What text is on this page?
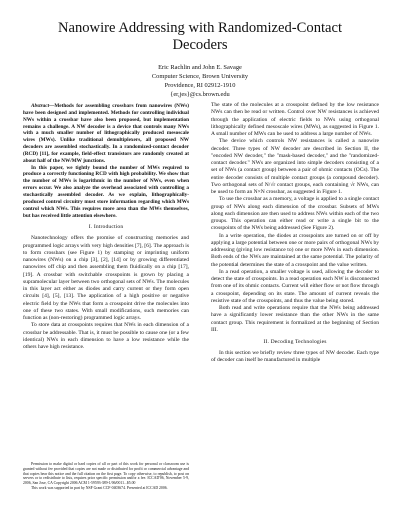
Nanowire Addressing with Randomized-Contact Decoders
Eric Rachlin and John E. Savage
Computer Science, Brown University
Providence, RI 02912-1910
{er,jes}@cs.brown.edu

Abstract—Methods for assembling crossbars from nanowires (NWs) have been designed and implemented. Methods for controlling individual NWs within a crossbar have also been proposed, but implementation remains a challenge. A NW decoder is a device that controls many NWs with a much smaller number of lithographically produced mesoscale wires (MWs). Unlike traditional demultiplexers, all proposed NW decoders are assembled stochastically. In a randomized-contact decoder (RCD) [11], for example, field-effect transistors are randomly created at about half of the NW/MW junctions.

In this paper, we tightly bound the number of MWs required to produce a correctly functioning RCD with high probability. We show that the number of MWs is logarithmic in the number of NWs, even when errors occur. We also analyze the overhead associated with controlling a stochastically assembled decoder. As we explain, lithographically-produced control circuitry must store information regarding which MWs control which NWs. This requires more area than the MWs themselves, but has received little attention elsewhere.

I. Introduction

Nanotechnology offers the promise of constructing memories and programmed logic arrays with very high densities [7], [6]. The approach is to form crossbars (see Figure 1) by stamping or imprinting uniform nanowires (NWs) on a chip [3], [2], [14] or by growing differentiated nanowires off chip and then assembling them fluidically on a chip [17], [19]. A crossbar with switchable crosspoints is grown by placing a supramolecular layer between two orthogonal sets of NWs. The molecules in this layer act either as diodes and carry current or they form open circuits [4], [5], [13]. The application of a high positive or negative electric field by the NWs that form a crosspoint drive the molecules into one of these two states. With small modifications, such memories can function as (non-restoring) programmed logic arrays.

To store data at crosspoints requires that NWs in each dimension of a crossbar be addressable. That is, it must be possible to cause one (or a few identical) NWs in each dimension to have a low resistance while the others have high resistance.

Permission to make digital or hard copies of all or part of this work for personal or classroom use is granted without fee provided that copies are not made or distributed for profit or commercial advantage and that copies bear this notice and the full citation on the first page. To copy otherwise, to republish, to post on servers or to redistribute to lists, requires prior specific permission and/or a fee. ICCAD'06, November 5-9, 2006, San Jose, CA Copyright 2006 ACM 1-59593-389-1/06/0011...$5.00

This work was supported in part by NSF Grant CCF-0403674. Presented at ICCAD 2006.

The state of the molecules at a crosspoint defined by the low resistance NWs can then be read or written. Control over NW resistances is achieved through the application of electric fields to NWs using orthogonal lithographically defined mesoscale wires (MWs), as suggested in Figure 1. A small number of MWs can be used to address a large number of NWs.

The device which controls NW resistances is called a nanowire decoder. Three types of NW decoder are described in Section II, the "encoded NW decoder," the "mask-based decoder," and the "randomized-contact decoder." NWs are organized into simple decoders consisting of a set of NWs (a contact group) between a pair of ohmic contacts (OCs). The entire decoder consists of multiple contact groups (a compound decoder). Two orthogonal sets of N/√r contact groups, each containing √r NWs, can be used to form an N×N crossbar, as suggested in Figure 1.

To use the crossbar as a memory, a voltage is applied to a single contact group of NWs along each dimension of the crossbar. Subsets of MWs along each dimension are then used to address NWs within each of the two groups. This operation can either read or write a single bit to the crosspoints of the NWs being addressed (See Figure 2).

In a write operation, the diodes at crosspoints are turned on or off by applying a large potential between one or more pairs of orthogonal NWs by addressing (giving low resistance to) one or more NWs in each dimension. Both ends of the NWs are maintained at the same potential. The polarity of the potential determines the state of a crosspoint and the value written.

In a read operation, a smaller voltage is used, allowing the decoder to detect the state of crosspoints. In a read operation each NW is disconnected from one of its ohmic contacts. Current will either flow or not flow through a crosspoint, depending on its state. The amount of current reveals the resistive state of the crosspoints, and thus the value being stored.

Both read and write operations require that the NWs being addressed have a significantly lower resistance than the other NWs in the same contact group. This requirement is formalized at the beginning of Section III.

II. Decoding Technologies

In this section we briefly review three types of NW decoder. Each type of decoder can itself be manufactured in multiple
